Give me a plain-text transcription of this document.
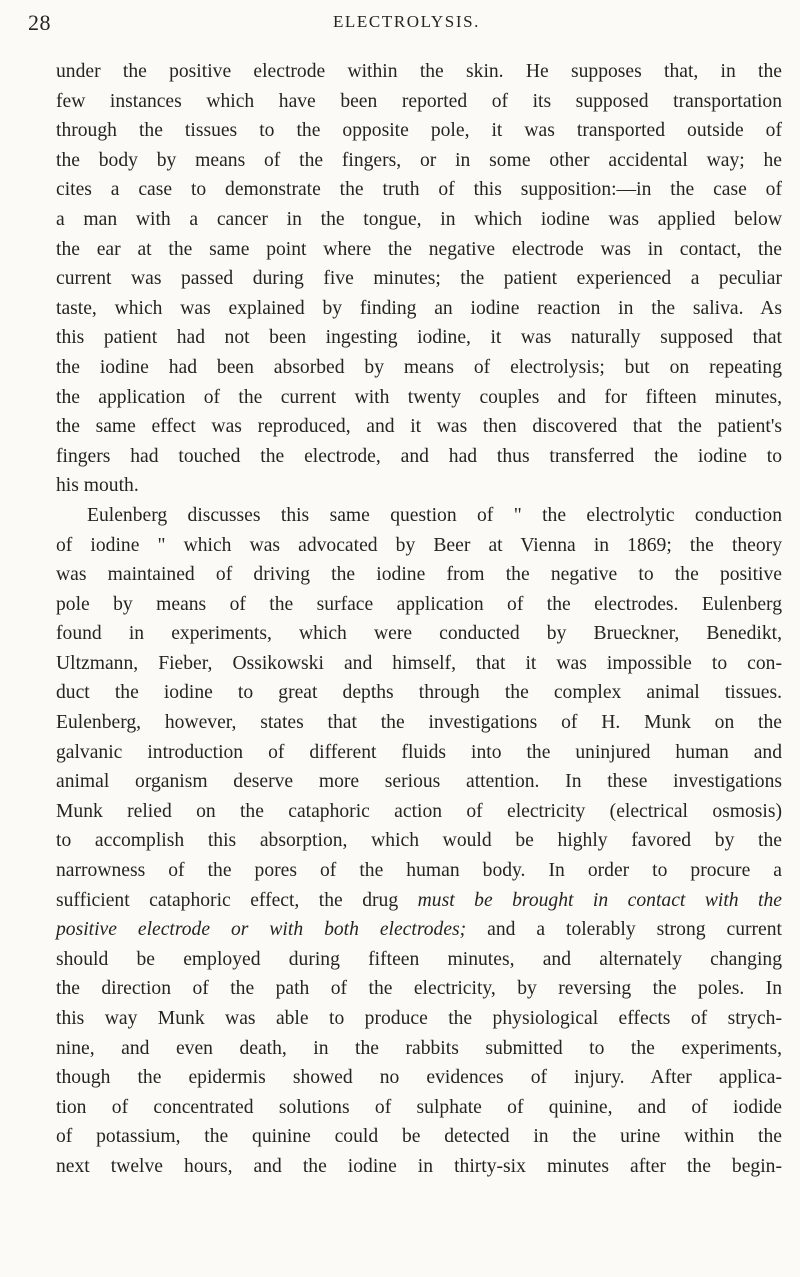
28	ELECTROLYSIS.
under the positive electrode within the skin. He supposes that, in the
few instances which have been reported of its supposed transportation
through the tissues to the opposite pole, it was transported outside of
the body by means of the fingers, or in some other accidental way; he
cites a case to demonstrate the truth of this supposition:—in the case of
a man with a cancer in the tongue, in which iodine was applied below
the ear at the same point where the negative electrode was in contact, the
current was passed during five minutes; the patient experienced a peculiar
taste, which was explained by finding an iodine reaction in the saliva. As
this patient had not been ingesting iodine, it was naturally supposed that
the iodine had been absorbed by means of electrolysis; but on repeating
the application of the current with twenty couples and for fifteen minutes,
the same effect was reproduced, and it was then discovered that the patient's
fingers had touched the electrode, and had thus transferred the iodine to
his mouth.
Eulenberg discusses this same question of " the electrolytic conduction
of iodine " which was advocated by Beer at Vienna in 1869; the theory
was maintained of driving the iodine from the negative to the positive
pole by means of the surface application of the electrodes. Eulenberg
found in experiments, which were conducted by Brueckner, Benedikt,
Ultzmann, Fieber, Ossikowski and himself, that it was impossible to con-
duct the iodine to great depths through the complex animal tissues.
Eulenberg, however, states that the investigations of H. Munk on the
galvanic introduction of different fluids into the uninjured human and
animal organism deserve more serious attention. In these investigations
Munk relied on the cataphoric action of electricity (electrical osmosis)
to accomplish this absorption, which would be highly favored by the
narrowness of the pores of the human body. In order to procure a
sufficient cataphoric effect, the drug must be brought in contact with the
positive electrode or with both electrodes; and a tolerably strong current
should be employed during fifteen minutes, and alternately changing
the direction of the path of the electricity, by reversing the poles. In
this way Munk was able to produce the physiological effects of strych-
nine, and even death, in the rabbits submitted to the experiments,
though the epidermis showed no evidences of injury. After applica-
tion of concentrated solutions of sulphate of quinine, and of iodide
of potassium, the quinine could be detected in the urine within the
next twelve hours, and the iodine in thirty-six minutes after the begin-
